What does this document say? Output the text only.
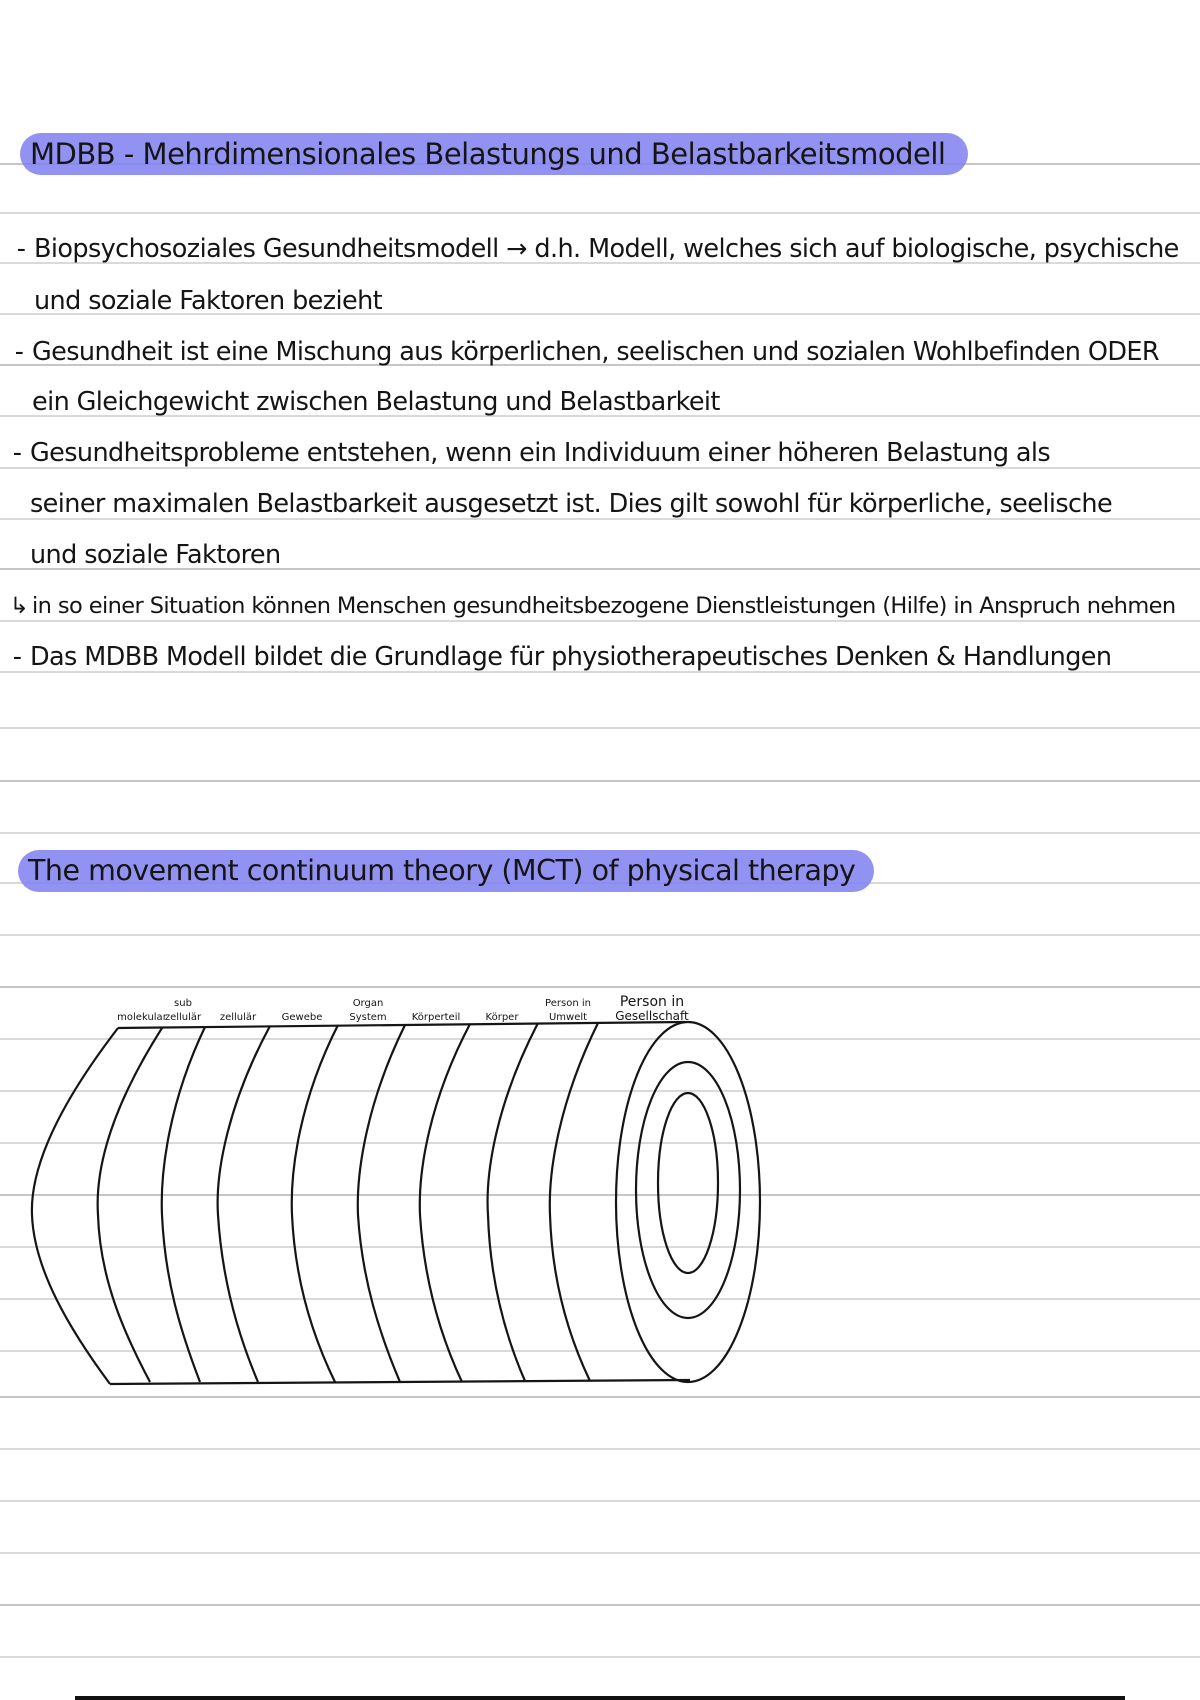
MDBB - Mehrdimensionales Belastungs und Belastbarkeitsmodell
- Biopsychosoziales Gesundheitsmodell → d.h. Modell, welches sich auf biologische, psychische
und soziale Faktoren bezieht
- Gesundheit ist eine Mischung aus körperlichen, seelischen und sozialen Wohlbefinden ODER
ein Gleichgewicht zwischen Belastung und Belastbarkeit
- Gesundheitsprobleme entstehen, wenn ein Individuum einer höheren Belastung als
seiner maximalen Belastbarkeit ausgesetzt ist. Dies gilt sowohl für körperliche, seelische
und soziale Faktoren
↳ in so einer Situation können Menschen gesundheitsbezogene Dienstleistungen (Hilfe) in Anspruch nehmen
- Das MDBB Modell bildet die Grundlage für physiotherapeutisches Denken & Handlungen
The movement continuum theory (MCT) of physical therapy
molekular
sub
zellulär zellulär	Gewebe
Organ
System	Körperteil	Körper
Person in
Umwelt
Person in
Gesellschaft
